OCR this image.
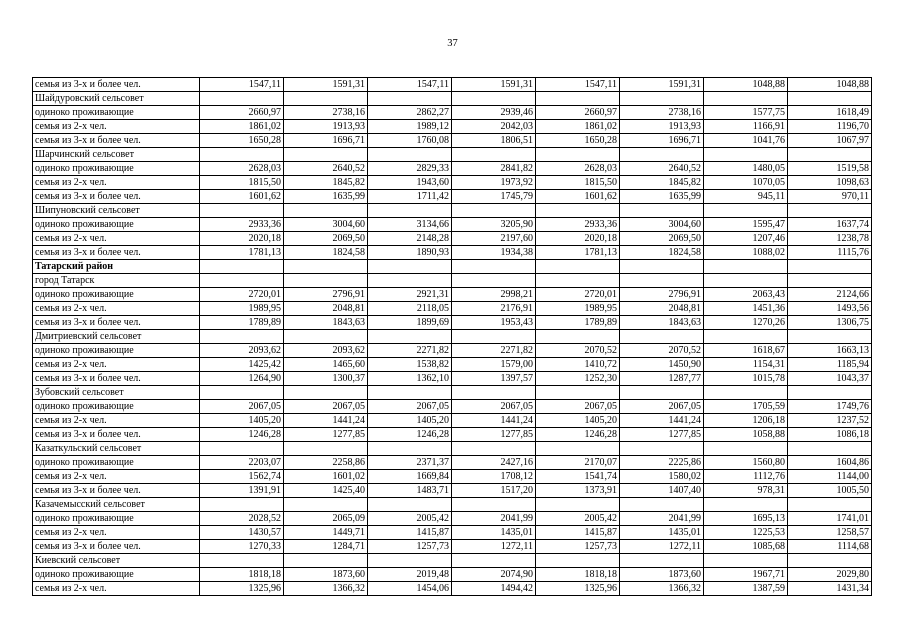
37
семья из 3-х и более чел.	1547,11	1591,31	1547,11	1591,31	1547,11	1591,31	1048,88	1048,88
Шайдуровский сельсовет								
одиноко проживающие	2660,97	2738,16	2862,27	2939,46	2660,97	2738,16	1577,75	1618,49
семья из 2-х чел.	1861,02	1913,93	1989,12	2042,03	1861,02	1913,93	1166,91	1196,70
семья из 3-х и более чел.	1650,28	1696,71	1760,08	1806,51	1650,28	1696,71	1041,76	1067,97
Шарчинский сельсовет								
одиноко проживающие	2628,03	2640,52	2829,33	2841,82	2628,03	2640,52	1480,05	1519,58
семья из 2-х чел.	1815,50	1845,82	1943,60	1973,92	1815,50	1845,82	1070,05	1098,63
семья из 3-х и более чел.	1601,62	1635,99	1711,42	1745,79	1601,62	1635,99	945,11	970,11
Шипуновский сельсовет								
одиноко проживающие	2933,36	3004,60	3134,66	3205,90	2933,36	3004,60	1595,47	1637,74
семья из 2-х чел.	2020,18	2069,50	2148,28	2197,60	2020,18	2069,50	1207,46	1238,78
семья из 3-х и более чел.	1781,13	1824,58	1890,93	1934,38	1781,13	1824,58	1088,02	1115,76
Татарский район								
город Татарск								
одиноко проживающие	2720,01	2796,91	2921,31	2998,21	2720,01	2796,91	2063,43	2124,66
семья из 2-х чел.	1989,95	2048,81	2118,05	2176,91	1989,95	2048,81	1451,36	1493,56
семья из 3-х и более чел.	1789,89	1843,63	1899,69	1953,43	1789,89	1843,63	1270,26	1306,75
Дмитриевский сельсовет								
одиноко проживающие	2093,62	2093,62	2271,82	2271,82	2070,52	2070,52	1618,67	1663,13
семья из 2-х чел.	1425,42	1465,60	1538,82	1579,00	1410,72	1450,90	1154,31	1185,94
семья из 3-х и более чел.	1264,90	1300,37	1362,10	1397,57	1252,30	1287,77	1015,78	1043,37
Зубовский сельсовет								
одиноко проживающие	2067,05	2067,05	2067,05	2067,05	2067,05	2067,05	1705,59	1749,76
семья из 2-х чел.	1405,20	1441,24	1405,20	1441,24	1405,20	1441,24	1206,18	1237,52
семья из 3-х и более чел.	1246,28	1277,85	1246,28	1277,85	1246,28	1277,85	1058,88	1086,18
Казаткульский сельсовет								
одиноко проживающие	2203,07	2258,86	2371,37	2427,16	2170,07	2225,86	1560,80	1604,86
семья из 2-х чел.	1562,74	1601,02	1669,84	1708,12	1541,74	1580,02	1112,76	1144,00
семья из 3-х и более чел.	1391,91	1425,40	1483,71	1517,20	1373,91	1407,40	978,31	1005,50
Казачемысский сельсовет								
одиноко проживающие	2028,52	2065,09	2005,42	2041,99	2005,42	2041,99	1695,13	1741,01
семья из 2-х чел.	1430,57	1449,71	1415,87	1435,01	1415,87	1435,01	1225,53	1258,57
семья из 3-х и более чел.	1270,33	1284,71	1257,73	1272,11	1257,73	1272,11	1085,68	1114,68
Киевский сельсовет								
одиноко проживающие	1818,18	1873,60	2019,48	2074,90	1818,18	1873,60	1967,71	2029,80
семья из 2-х чел.	1325,96	1366,32	1454,06	1494,42	1325,96	1366,32	1387,59	1431,34
